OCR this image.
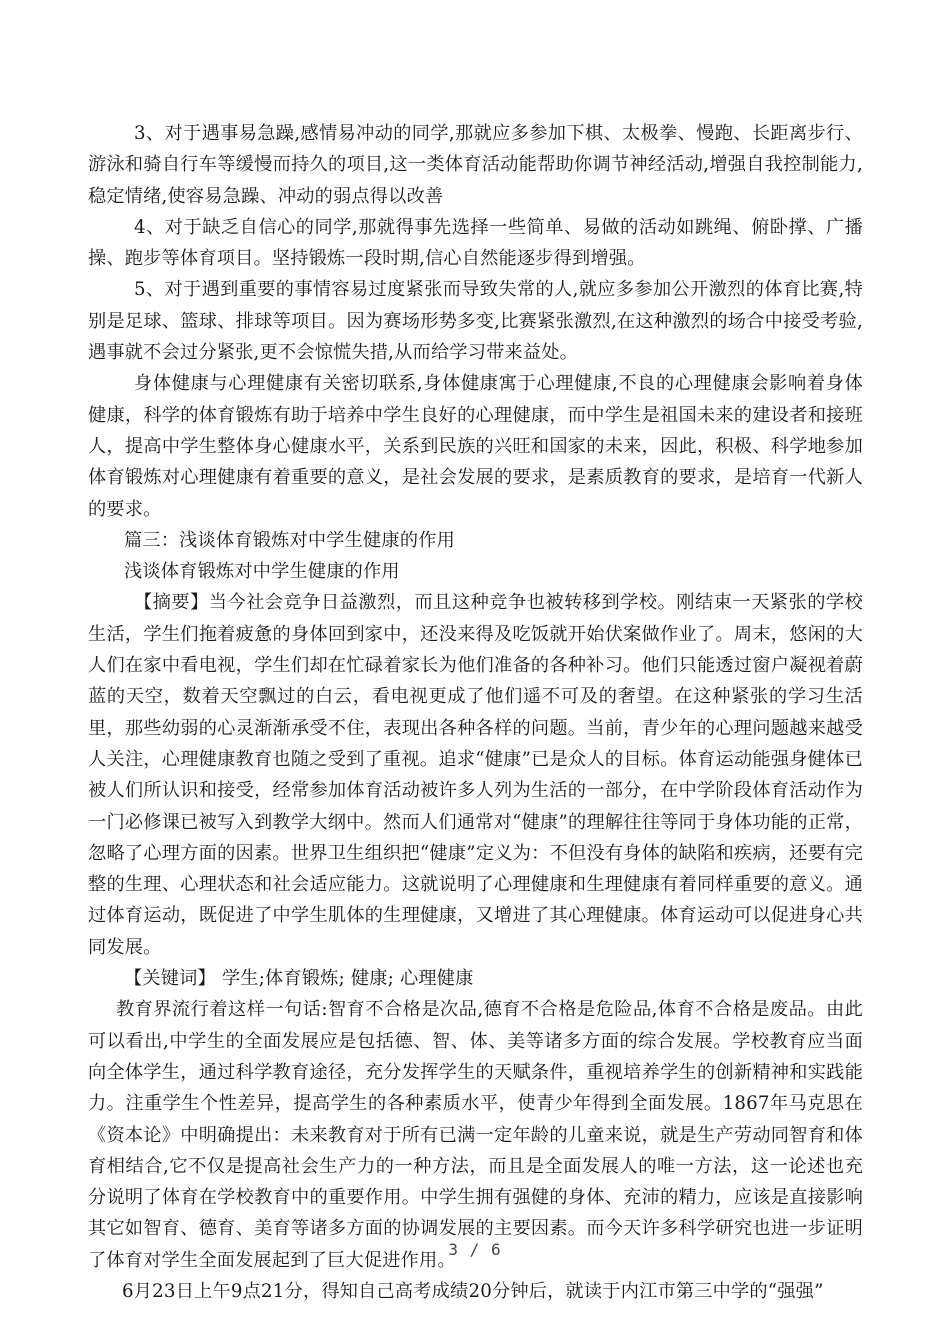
3、对于遇事易急躁,感情易冲动的同学,那就应多参加下棋、太极拳、慢跑、长距离步行、游泳和骑自行车等缓慢而持久的项目,这一类体育活动能帮助你调节神经活动,增强自我控制能力,稳定情绪,使容易急躁、冲动的弱点得以改善

4、对于缺乏自信心的同学,那就得事先选择一些简单、易做的活动如跳绳、俯卧撑、广播操、跑步等体育项目。坚持锻炼一段时期,信心自然能逐步得到增强。

5、对于遇到重要的事情容易过度紧张而导致失常的人,就应多参加公开激烈的体育比赛,特别是足球、篮球、排球等项目。因为赛场形势多变,比赛紧张激烈,在这种激烈的场合中接受考验,遇事就不会过分紧张,更不会惊慌失措,从而给学习带来益处。

身体健康与心理健康有关密切联系,身体健康寓于心理健康,不良的心理健康会影响着身体健康，科学的体育锻炼有助于培养中学生良好的心理健康，而中学生是祖国未来的建设者和接班人，提高中学生整体身心健康水平，关系到民族的兴旺和国家的未来，因此，积极、科学地参加体育锻炼对心理健康有着重要的意义，是社会发展的要求，是素质教育的要求，是培育一代新人的要求。

篇三：浅谈体育锻炼对中学生健康的作用

浅谈体育锻炼对中学生健康的作用

【摘要】当今社会竞争日益激烈，而且这种竞争也被转移到学校。刚结束一天紧张的学校生活，学生们拖着疲惫的身体回到家中，还没来得及吃饭就开始伏案做作业了。周末，悠闲的大人们在家中看电视，学生们却在忙碌着家长为他们准备的各种补习。他们只能透过窗户凝视着蔚蓝的天空，数着天空飘过的白云，看电视更成了他们遥不可及的奢望。在这种紧张的学习生活里，那些幼弱的心灵渐渐承受不住，表现出各种各样的问题。当前，青少年的心理问题越来越受人关注，心理健康教育也随之受到了重视。追求“健康”已是众人的目标。体育运动能强身健体已被人们所认识和接受，经常参加体育活动被许多人列为生活的一部分，在中学阶段体育活动作为一门必修课已被写入到教学大纲中。然而人们通常对“健康”的理解往往等同于身体功能的正常，忽略了心理方面的因素。世界卫生组织把“健康”定义为：不但没有身体的缺陷和疾病，还要有完整的生理、心理状态和社会适应能力。这就说明了心理健康和生理健康有着同样重要的意义。通过体育运动，既促进了中学生肌体的生理健康，又增进了其心理健康。体育运动可以促进身心共同发展。

【关键词】 学生;体育锻炼; 健康; 心理健康

教育界流行着这样一句话:智育不合格是次品,德育不合格是危险品,体育不合格是废品。由此可以看出,中学生的全面发展应是包括德、智、体、美等诸多方面的综合发展。学校教育应当面向全体学生，通过科学教育途径，充分发挥学生的天赋条件，重视培养学生的创新精神和实践能力。注重学生个性差异，提高学生的各种素质水平，使青少年得到全面发展。1867年马克思在《资本论》中明确提出：未来教育对于所有已满一定年龄的儿童来说，就是生产劳动同智育和体育相结合,它不仅是提高社会生产力的一种方法，而且是全面发展人的唯一方法，这一论述也充分说明了体育在学校教育中的重要作用。中学生拥有强健的身体、充沛的精力，应该是直接影响其它如智育、德育、美育等诸多方面的协调发展的主要因素。而今天许多科学研究也进一步证明了体育对学生全面发展起到了巨大促进作用。

6月23日上午9点21分，得知自己高考成绩20分钟后，就读于内江市第三中学的“强强”

3 / 6
